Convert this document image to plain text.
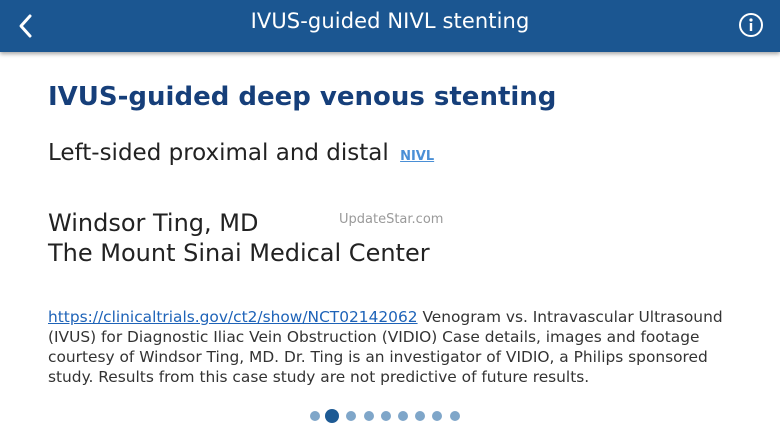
IVUS-guided NIVL stenting
IVUS-guided deep venous stenting
Left-sided proximal and distal NIVL
Windsor Ting, MD
The Mount Sinai Medical Center
UpdateStar.com
https://clinicaltrials.gov/ct2/show/NCT02142062 Venogram vs. Intravascular Ultrasound (IVUS) for Diagnostic Iliac Vein Obstruction (VIDIO) Case details, images and footage courtesy of Windsor Ting, MD. Dr. Ting is an investigator of VIDIO, a Philips sponsored study. Results from this case study are not predictive of future results.
